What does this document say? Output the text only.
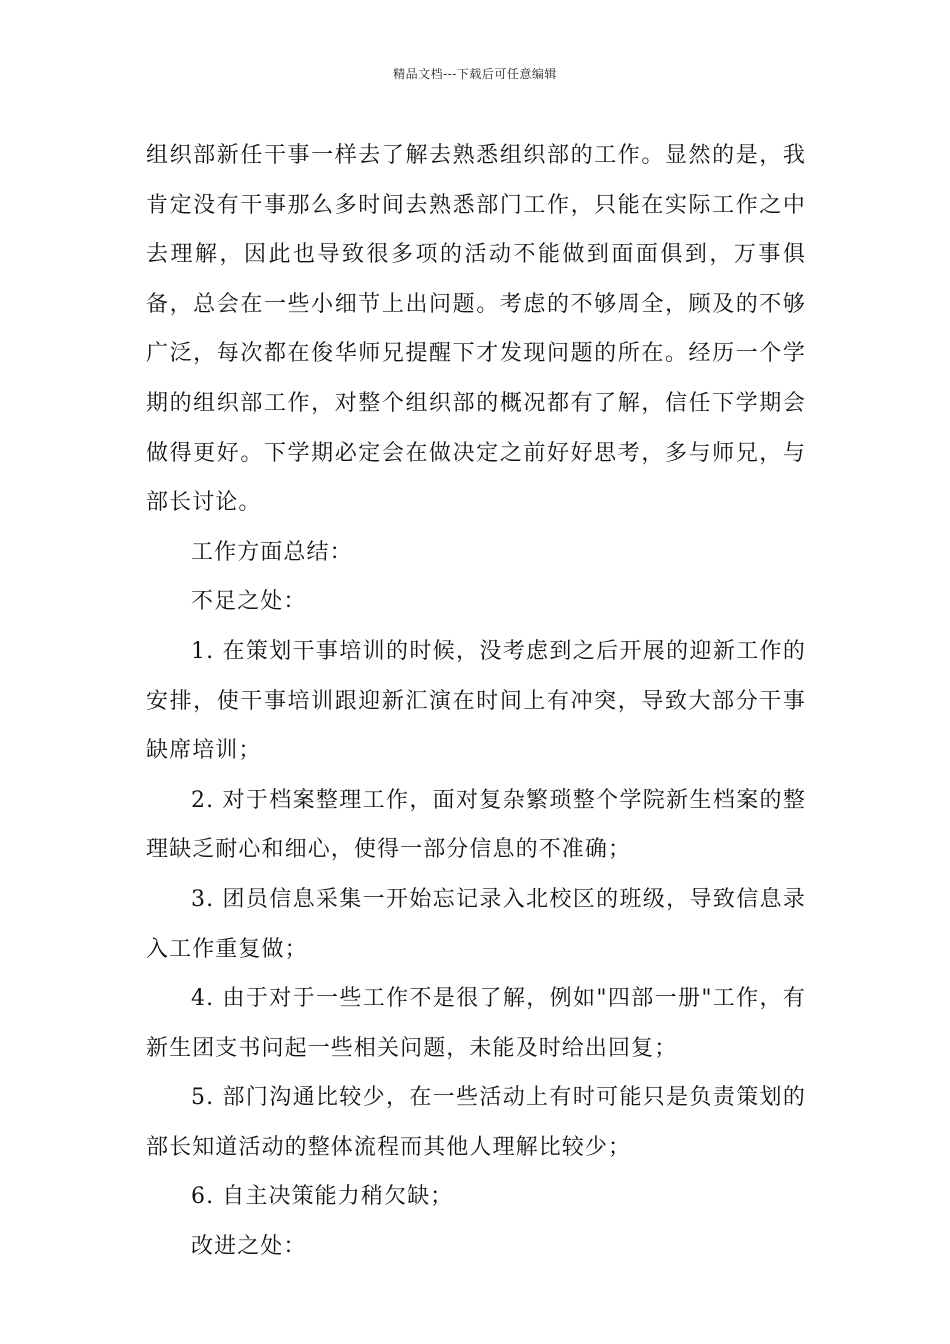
精品文档---下载后可任意编辑

组织部新任干事一样去了解去熟悉组织部的工作。显然的是，我肯定没有干事那么多时间去熟悉部门工作，只能在实际工作之中去理解，因此也导致很多项的活动不能做到面面俱到，万事俱备，总会在一些小细节上出问题。考虑的不够周全，顾及的不够广泛，每次都在俊华师兄提醒下才发现问题的所在。经历一个学期的组织部工作，对整个组织部的概况都有了解，信任下学期会做得更好。下学期必定会在做决定之前好好思考，多与师兄，与部长讨论。

工作方面总结：

不足之处：

1. 在策划干事培训的时候，没考虑到之后开展的迎新工作的安排，使干事培训跟迎新汇演在时间上有冲突，导致大部分干事缺席培训；

2. 对于档案整理工作，面对复杂繁琐整个学院新生档案的整理缺乏耐心和细心，使得一部分信息的不准确；

3. 团员信息采集一开始忘记录入北校区的班级，导致信息录入工作重复做；

4. 由于对于一些工作不是很了解，例如"四部一册"工作，有新生团支书问起一些相关问题，未能及时给出回复；

5. 部门沟通比较少，在一些活动上有时可能只是负责策划的部长知道活动的整体流程而其他人理解比较少；

6. 自主决策能力稍欠缺；

改进之处：
